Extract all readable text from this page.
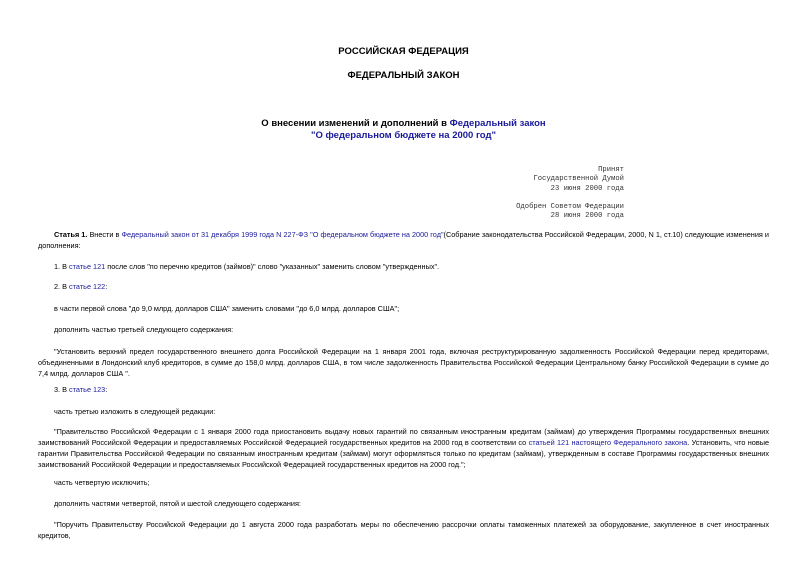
РОССИЙСКАЯ ФЕДЕРАЦИЯ
ФЕДЕРАЛЬНЫЙ ЗАКОН
О внесении изменений и дополнений в Федеральный закон
"О федеральном бюджете на 2000 год"
Принят
Государственной Думой
23 июня 2000 года
Одобрен Советом Федерации
28 июня 2000 года
Статья 1. Внести в Федеральный закон от 31 декабря 1999 года N 227-ФЗ "О федеральном бюджете на 2000 год"(Собрание законодательства Российской Федерации, 2000, N 1, ст.10) следующие изменения и дополнения:
1. В статье 121 после слов "по перечню кредитов (займов)" слово "указанных" заменить словом "утвержденных".
2. В статье 122:
в части первой слова "до 9,0 млрд. долларов США" заменить словами "до 6,0 млрд. долларов США";
дополнить частью третьей следующего содержания:
"Установить верхний предел государственного внешнего долга Российской Федерации на 1 января 2001 года, включая реструктурированную задолженность Российской Федерации перед кредиторами, объединенными в Лондонский клуб кредиторов, в сумме до 158,0 млрд. долларов США, в том числе задолженность Правительства Российской Федерации Центральному банку Российской Федерации в сумме до 7,4 млрд. долларов США ".
3. В статье 123:
часть третью изложить в следующей редакции:
"Правительство Российской Федерации с 1 января 2000 года приостановить выдачу новых гарантий по связанным иностранным кредитам (займам) до утверждения Программы государственных внешних заимствований Российской Федерации и предоставляемых Российской Федерацией государственных кредитов на 2000 год в соответствии со статьей 121 настоящего Федерального закона. Установить, что новые гарантии Правительства Российской Федерации по связанным иностранным кредитам (займам) могут оформляться только по кредитам (займам), утвержденным в составе Программы государственных внешних заимствований Российской Федерации и предоставляемых Российской Федерацией государственных кредитов на 2000 год.";
часть четвертую исключить;
дополнить частями четвертой, пятой и шестой следующего содержания:
"Поручить Правительству Российской Федерации до 1 августа 2000 года разработать меры по обеспечению рассрочки оплаты таможенных платежей за оборудование, закупленное в счет иностранных кредитов,
